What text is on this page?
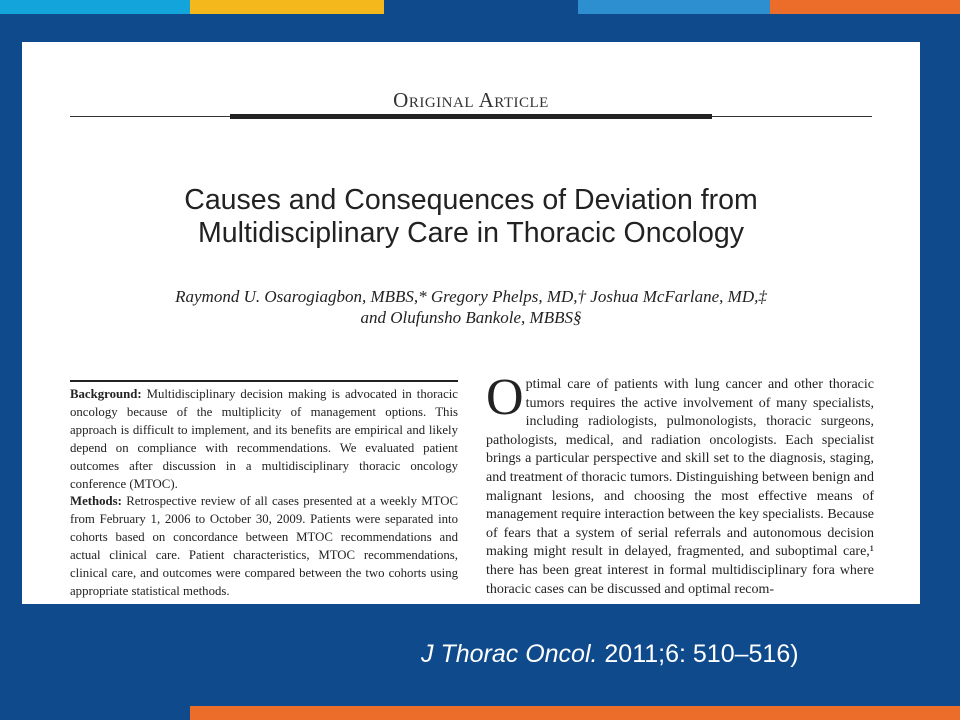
Original Article
Causes and Consequences of Deviation from
Multidisciplinary Care in Thoracic Oncology
Raymond U. Osarogiagbon, MBBS,* Gregory Phelps, MD,† Joshua McFarlane, MD,‡
and Olufunsho Bankole, MBBS§

Background: Multidisciplinary decision making is advocated in thoracic oncology because of the multiplicity of management options. This approach is difficult to implement, and its benefits are empirical and likely depend on compliance with recommendations. We evaluated patient outcomes after discussion in a multidisciplinary thoracic oncology conference (MTOC).

Methods: Retrospective review of all cases presented at a weekly MTOC from February 1, 2006 to October 30, 2009. Patients were separated into cohorts based on concordance between MTOC recommendations and actual clinical care. Patient characteristics, MTOC recommendations, clinical care, and outcomes were compared between the two cohorts using appropriate statistical methods.

Optimal care of patients with lung cancer and other thoracic tumors requires the active involvement of many specialists, including radiologists, pulmonologists, thoracic surgeons, pathologists, medical, and radiation oncologists. Each specialist brings a particular perspective and skill set to the diagnosis, staging, and treatment of thoracic tumors. Distinguishing between benign and malignant lesions, and choosing the most effective means of management require interaction between the key specialists. Because of fears that a system of serial referrals and autonomous decision making might result in delayed, fragmented, and suboptimal care,¹ there has been great interest in formal multidisciplinary fora where thoracic cases can be discussed and optimal recom-
J Thorac Oncol. 2011;6: 510–516)
